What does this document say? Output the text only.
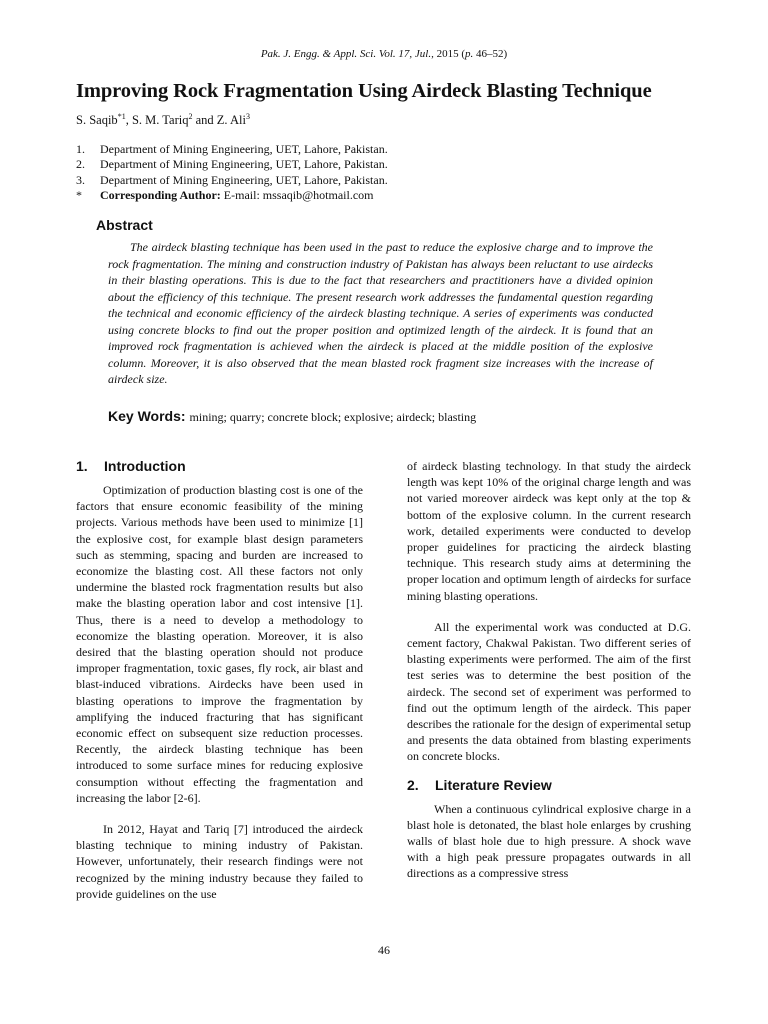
Pak. J. Engg. & Appl. Sci. Vol. 17, Jul., 2015 (p. 46–52)
Improving Rock Fragmentation Using Airdeck Blasting Technique
S. Saqib$^{*1}$, S. M. Tariq$^2$ and Z. Ali$^3$
1.	Department of Mining Engineering, UET, Lahore, Pakistan.
2.	Department of Mining Engineering, UET, Lahore, Pakistan.
3.	Department of Mining Engineering, UET, Lahore, Pakistan.
*	Corresponding Author: E-mail: mssaqib@hotmail.com
Abstract
The airdeck blasting technique has been used in the past to reduce the explosive charge and to improve the rock fragmentation. The mining and construction industry of Pakistan has always been reluctant to use airdecks in their blasting operations. This is due to the fact that researchers and practitioners have a divided opinion about the efficiency of this technique. The present research work addresses the fundamental question regarding the technical and economic efficiency of the airdeck blasting technique. A series of experiments was conducted using concrete blocks to find out the proper position and optimized length of the airdeck. It is found that an improved rock fragmentation is achieved when the airdeck is placed at the middle position of the explosive column. Moreover, it is also observed that the mean blasted rock fragment size increases with the increase of airdeck size.
Key Words: mining; quarry; concrete block; explosive; airdeck; blasting
1. Introduction

Optimization of production blasting cost is one of the factors that ensure economic feasibility of the mining projects. Various methods have been used to minimize [1] the explosive cost, for example blast design parameters such as stemming, spacing and burden are increased to economize the blasting cost. All these factors not only undermine the blasted rock fragmentation results but also make the blasting operation labor and cost intensive [1]. Thus, there is a need to develop a methodology to economize the blasting operation. Moreover, it is also desired that the blasting operation should not produce improper fragmentation, toxic gases, fly rock, air blast and blast-induced vibrations. Airdecks have been used in blasting operations to improve the fragmentation by amplifying the induced fracturing that has significant economic effect on subsequent size reduction processes. Recently, the airdeck blasting technique has been introduced to some surface mines for reducing explosive consumption without effecting the fragmentation and increasing the labor [2-6].

In 2012, Hayat and Tariq [7] introduced the airdeck blasting technique to mining industry of Pakistan. However, unfortunately, their research findings were not recognized by the mining industry because they failed to provide guidelines on the use

of airdeck blasting technology. In that study the airdeck length was kept 10% of the original charge length and was not varied moreover airdeck was kept only at the top & bottom of the explosive column. In the current research work, detailed experiments were conducted to develop proper guidelines for practicing the airdeck blasting technique. This research study aims at determining the proper location and optimum length of airdecks for surface mining blasting operations.

All the experimental work was conducted at D.G. cement factory, Chakwal Pakistan. Two different series of blasting experiments were performed. The aim of the first test series was to determine the best position of the airdeck. The second set of experiment was performed to find out the optimum length of the airdeck. This paper describes the rationale for the design of experimental setup and presents the data obtained from blasting experiments on concrete blocks.

2. Literature Review

When a continuous cylindrical explosive charge in a blast hole is detonated, the blast hole enlarges by crushing walls of blast hole due to high pressure. A shock wave with a high peak pressure propagates outwards in all directions as a compressive stress

46
